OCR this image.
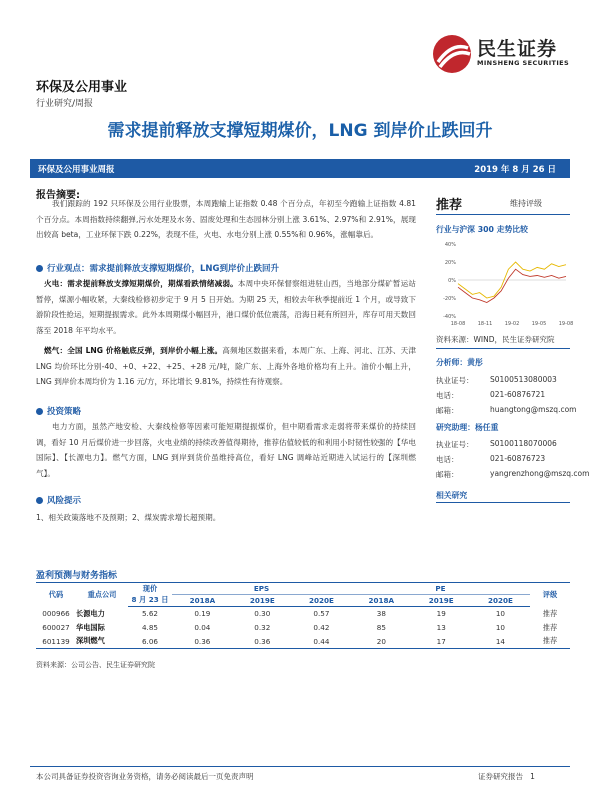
民生证券
MINSHENG SECURITIES
环保及公用事业
行业研究/周报
需求提前释放支撑短期煤价，LNG 到岸价止跌回升
环保及公用事业周报	2019 年 8 月 26 日
报告摘要:

我们跟踪的 192 只环保及公用行业股票，本周跑输上证指数 0.48 个百分点，年初至今跑输上证指数 4.81 个百分点。本周指数持续翻弹,污水处理及水务、固废处理和生态园林分别上涨 3.61%、2.97%和 2.91%，展现出较高 beta，工业环保下跌 0.22%，表现不佳，火电、水电分别上涨 0.55%和 0.96%，涨幅靠后。

行业观点：需求提前释放支撑短期煤价，LNG到岸价止跌回升

火电：需求提前释放支撑短期煤价，期煤看跌情绪减弱。本周中央环保督察组进驻山西，当地部分煤矿暂运站暂停，煤源小幅收紧，大秦线检修初步定于 9 月 5 日开始。为期 25 天，相较去年秋季提前近 1 个月，或导致下游阶段性抢运，短期提振需求。此外本周期煤小幅回升，港口煤价低位震荡，沿海日耗有所回升，库存可用天数回落至 2018 年平均水平。

燃气：全国 LNG 价格触底反弹，到岸价小幅上涨。高频地区数据来看，本周广东、上海、河北、江苏、天津 LNG 均价环比分别-40、+0、+22、+25、+28 元/吨，除广东、上海外各地价格均有上升。油价小幅上升，LNG 到岸价本周均价为 1.16 元/方，环比增长 9.81%，持续性有待观察。

投资策略

电力方面，虽然产地安检、大秦线检修等因素可能短期提振煤价，但中期看需求走弱将带来煤价的持续回调，看好 10 月后煤价进一步回落，火电业绩的持续改善值得期待，推荐估值较低的和利用小时韧性较强的【华电国际】、【长源电力】。燃气方面，LNG 到岸到货价虽维持高位，看好 LNG 调峰站近期进入试运行的【深圳燃气】。

风险提示

1、相关政策落地不及预期；2、煤炭需求增长超预期。

推荐	维持评级
行业与沪深 300 走势比较
40%
20%
0%
-20%
-40%
18-08 18-11 19-02 19-05 19-08
资料来源：WIND，民生证券研究院
分析师：黄彤
执业证号： S0100513080003
电话：	021-60876721
邮箱：	huangtong@mszq.com
研究助理：杨任重
执业证号： S0100118070006
电话：	021-60876723
邮箱：	yangrenzhong@mszq.com
相关研究
盈利预测与财务指标
代码	重点公司	现价	EPS			PE			评级
		8 月 23 日	2018A	2019E	2020E	2018A	2019E	2020E	
000966	长源电力	5.62	0.19	0.30	0.57	38	19	10	推荐
600027	华电国际	4.85	0.04	0.32	0.42	85	13	10	推荐
601139	深圳燃气	6.06	0.36	0.36	0.44	20	17	14	推荐
资料来源：公司公告、民生证券研究院
本公司具备证券投资咨询业务资格，请务必阅读最后一页免责声明	证券研究报告 1
